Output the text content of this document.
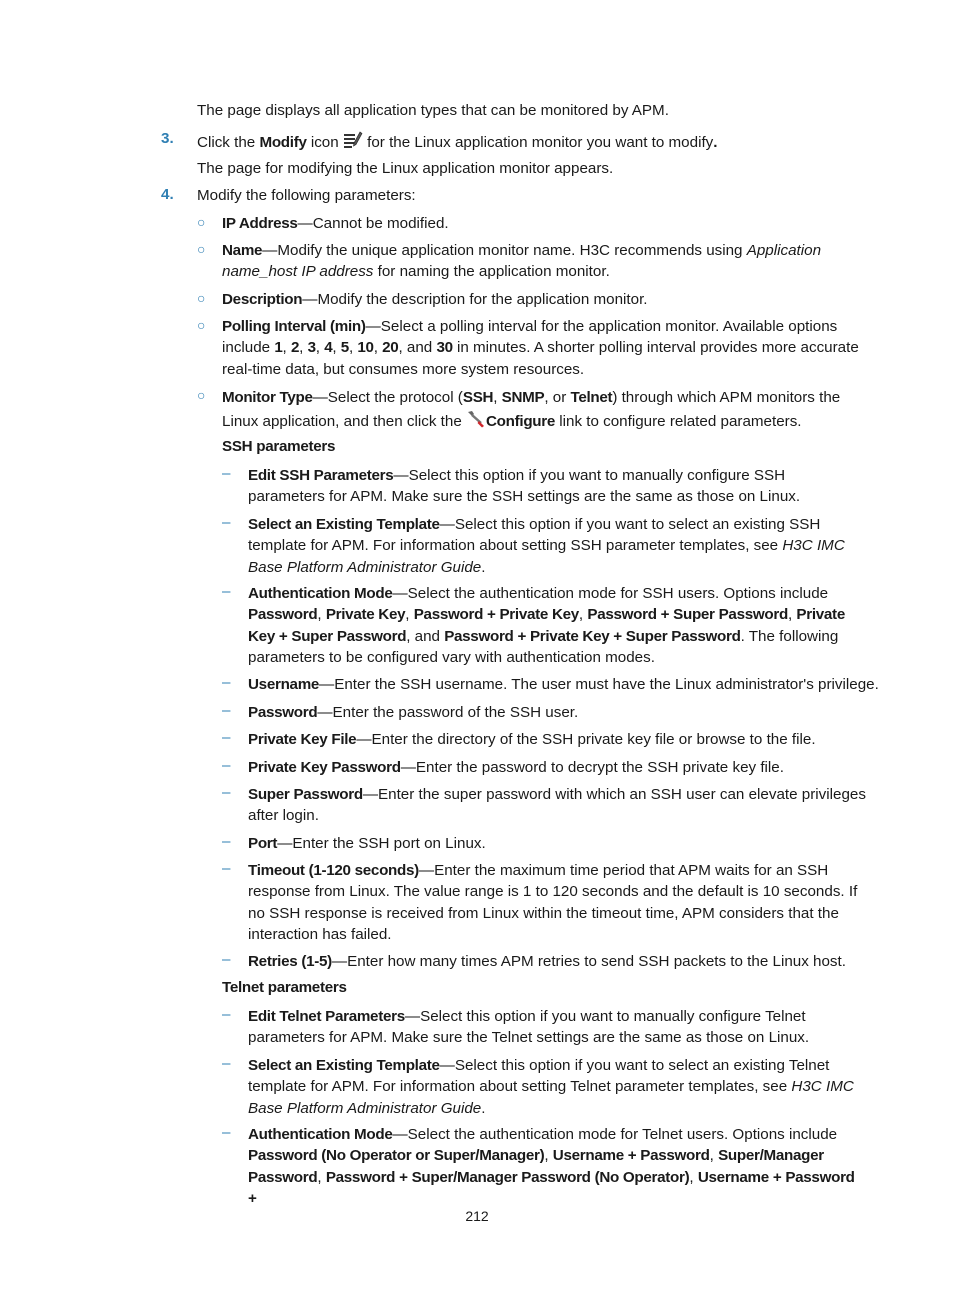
The page displays all application types that can be monitored by APM.
3. Click the Modify icon  for the Linux application monitor you want to modify.
The page for modifying the Linux application monitor appears.
4. Modify the following parameters:
○ IP Address—Cannot be modified.
○ Name—Modify the unique application monitor name. H3C recommends using Application name_host IP address for naming the application monitor.
○ Description—Modify the description for the application monitor.
○ Polling Interval (min)—Select a polling interval for the application monitor. Available options include 1, 2, 3, 4, 5, 10, 20, and 30 in minutes. A shorter polling interval provides more accurate real-time data, but consumes more system resources.
○ Monitor Type—Select the protocol (SSH, SNMP, or Telnet) through which APM monitors the Linux application, and then click the Configure link to configure related parameters.
SSH parameters
– Edit SSH Parameters—Select this option if you want to manually configure SSH parameters for APM. Make sure the SSH settings are the same as those on Linux.
– Select an Existing Template—Select this option if you want to select an existing SSH template for APM. For information about setting SSH parameter templates, see H3C IMC Base Platform Administrator Guide.
– Authentication Mode—Select the authentication mode for SSH users. Options include Password, Private Key, Password + Private Key, Password + Super Password, Private Key + Super Password, and Password + Private Key + Super Password. The following parameters to be configured vary with authentication modes.
– Username—Enter the SSH username. The user must have the Linux administrator's privilege.
– Password—Enter the password of the SSH user.
– Private Key File—Enter the directory of the SSH private key file or browse to the file.
– Private Key Password—Enter the password to decrypt the SSH private key file.
– Super Password—Enter the super password with which an SSH user can elevate privileges after login.
– Port—Enter the SSH port on Linux.
– Timeout (1-120 seconds)—Enter the maximum time period that APM waits for an SSH response from Linux. The value range is 1 to 120 seconds and the default is 10 seconds. If no SSH response is received from Linux within the timeout time, APM considers that the interaction has failed.
– Retries (1-5)—Enter how many times APM retries to send SSH packets to the Linux host.
Telnet parameters
– Edit Telnet Parameters—Select this option if you want to manually configure Telnet parameters for APM. Make sure the Telnet settings are the same as those on Linux.
– Select an Existing Template—Select this option if you want to select an existing Telnet template for APM. For information about setting Telnet parameter templates, see H3C IMC Base Platform Administrator Guide.
– Authentication Mode—Select the authentication mode for Telnet users. Options include Password (No Operator or Super/Manager), Username + Password, Super/Manager Password, Password + Super/Manager Password (No Operator), Username + Password +
212
